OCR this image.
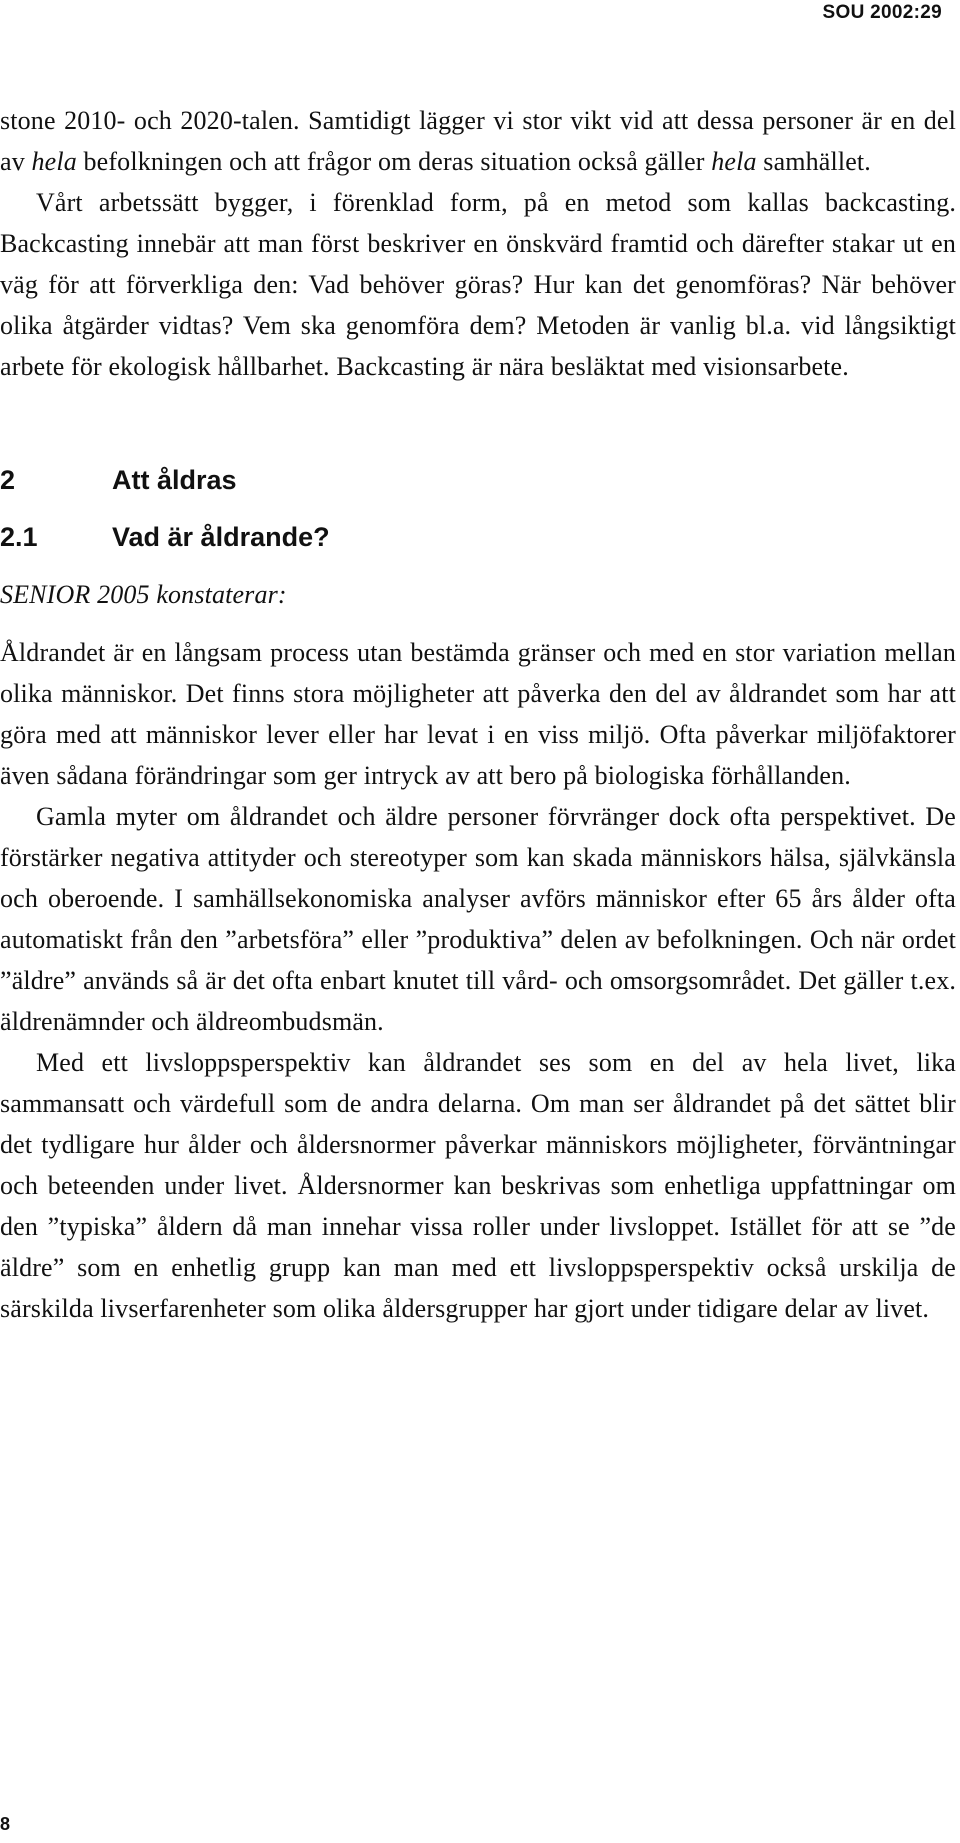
SOU 2002:29

stone 2010- och 2020-talen. Samtidigt lägger vi stor vikt vid att dessa personer är en del av hela befolkningen och att frågor om deras situation också gäller hela samhället.

Vårt arbetssätt bygger, i förenklad form, på en metod som kallas backcasting. Backcasting innebär att man först beskriver en önskvärd framtid och därefter stakar ut en väg för att förverkliga den: Vad behöver göras? Hur kan det genomföras? När behöver olika åtgärder vidtas? Vem ska genomföra dem? Metoden är vanlig bl.a. vid långsiktigt arbete för ekologisk hållbarhet. Backcasting är nära besläktat med visionsarbete.

2	Att åldras
2.1	Vad är åldrande?

SENIOR 2005 konstaterar:

Åldrandet är en långsam process utan bestämda gränser och med en stor variation mellan olika människor. Det finns stora möjligheter att påverka den del av åldrandet som har att göra med att människor lever eller har levat i en viss miljö. Ofta påverkar miljöfaktorer även sådana förändringar som ger intryck av att bero på biologiska förhållanden.

Gamla myter om åldrandet och äldre personer förvränger dock ofta perspektivet. De förstärker negativa attityder och stereotyper som kan skada människors hälsa, självkänsla och oberoende. I samhällsekonomiska analyser avförs människor efter 65 års ålder ofta automatiskt från den ”arbetsföra” eller ”produktiva” delen av befolkningen. Och när ordet ”äldre” används så är det ofta enbart knutet till vård- och omsorgsområdet. Det gäller t.ex. äldrenämnder och äldreombudsmän.

Med ett livsloppsperspektiv kan åldrandet ses som en del av hela livet, lika sammansatt och värdefull som de andra delarna. Om man ser åldrandet på det sättet blir det tydligare hur ålder och åldersnormer påverkar människors möjligheter, förväntningar och beteenden under livet. Åldersnormer kan beskrivas som enhetliga uppfattningar om den ”typiska” åldern då man innehar vissa roller under livsloppet. Istället för att se ”de äldre” som en enhetlig grupp kan man med ett livsloppsperspektiv också urskilja de särskilda livserfarenheter som olika åldersgrupper har gjort under tidigare delar av livet.

8
